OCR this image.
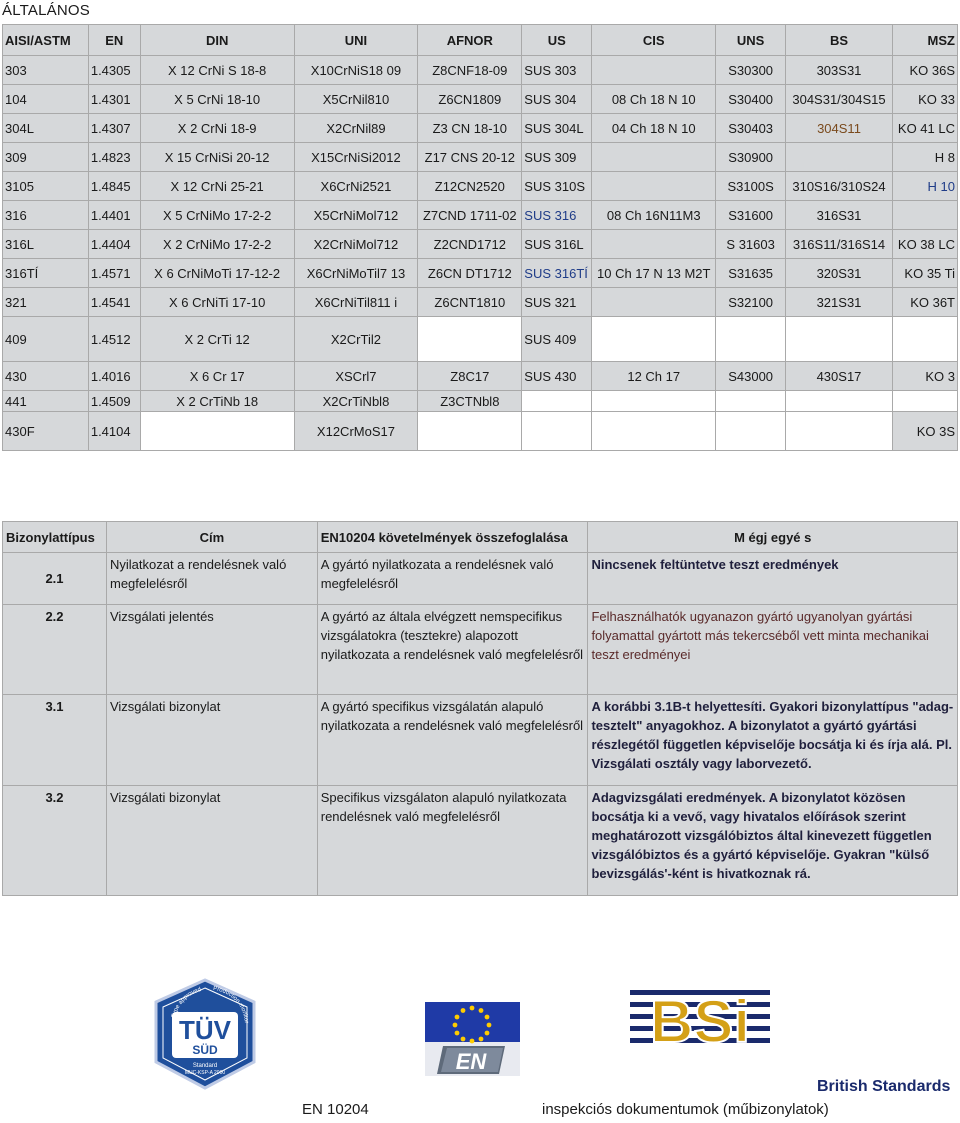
ÁLTALÁNOS
AISI/ASTM	EN	DIN	UNI	AFNOR	US	CIS	UNS	BS	MSZ
303	1.4305	X 12 CrNi S 18-8	X10CrNiS18 09	Z8CNF18-09	SUS 303		S30300	303S31	KO 36S
104	1.4301	X 5 CrNi 18-10	X5CrNil810	Z6CN1809	SUS 304	08 Ch 18 N 10	S30400	304S31/304S15	KO 33
304L	1.4307	X 2 CrNi 18-9	X2CrNil89	Z3 CN 18-10	SUS 304L	04 Ch 18 N 10	S30403	304S11	KO 41 LC
309	1.4823	X 15 CrNiSi 20-12	X15CrNiSi2012	Z17 CNS 20-12	SUS 309		S30900		H 8
3105	1.4845	X 12 CrNi 25-21	X6CrNi2521	Z12CN2520	SUS 310S		S3100S	310S16/310S24	H 10
316	1.4401	X 5 CrNiMo 17-2-2	X5CrNiMol712	Z7CND 1711-02	SUS 316	08 Ch 16N11M3	S31600	316S31	
316L	1.4404	X 2 CrNiMo 17-2-2	X2CrNiMol712	Z2CND1712	SUS 316L		S 31603	316S11/316S14	KO 38 LC
316TÍ	1.4571	X 6 CrNiMoTi 17-12-2	X6CrNiMoTil7 13	Z6CN DT1712	SUS 316TÍ	10 Ch 17 N 13 M2T	S31635	320S31	KO 35 Ti
321	1.4541	X 6 CrNiTi 17-10	X6CrNiTil811 i	Z6CNT1810	SUS 321		S32100	321S31	KO 36T
409	1.4512	X 2 CrTi 12	X2CrTil2		SUS 409				
430	1.4016	X 6 Cr 17	XSCrl7	Z8C17	SUS 430	12 Ch 17	S43000	430S17	KO 3
441	1.4509	X 2 CrTiNb 18	X2CrTiNbl8	Z3CTNbl8					
430F	1.4104		X12CrMoS17						KO 3S
Bizonylattípus	Cím	EN10204 követelmények összefoglalása	M égj egyé s
2.1	Nyilatkozat a rendelésnek való megfelelésről	A gyártó nyilatkozata a rendelésnek való megfelelésről	Nincsenek feltüntetve teszt eredmények
2.2	Vizsgálati jelentés	A gyártó az általa elvégzett nemspecifikus vizsgálatokra (tesztekre) alapozott nyilatkozata a rendelésnek való megfelelésről	Felhasználhatók ugyanazon gyártó ugyanolyan gyártási folyamattal gyártott más tekercséből vett minta mechanikai teszt eredményei
3.1	Vizsgálati bizonylat	A gyártó specifikus vizsgálatán alapuló nyilatkozata a rendelésnek való megfelelésről	A korábbi 3.1B-t helyettesíti. Gyakori bizonylattípus "adag-tesztelt" anyagokhoz. A bizonylatot a gyártó gyártási részlegétől független képviselője bocsátja ki és írja alá. Pl. Vizsgálati osztály vagy laborvezető.
3.2	Vizsgálati bizonylat	Specifikus vizsgálaton alapuló nyilatkozata rendelésnek való megfelelésről	Adagvizsgálati eredmények. A bizonylatot közösen bocsátja ki a vevő, vagy hivatalos előírások szerint meghatározott vizsgálóbiztos által kinevezett független vizsgálóbiztos és a gyártó képviselője. Gyakran "külső bevizsgálás'-ként is hivatkoznak rá.
Type approved	Production monitor
TÜV
SÜD
Standard
MUC-KSP-A 2000	EN
BSi
British Standards
EN 10204	inspekciós dokumentumok (műbizonylatok)
